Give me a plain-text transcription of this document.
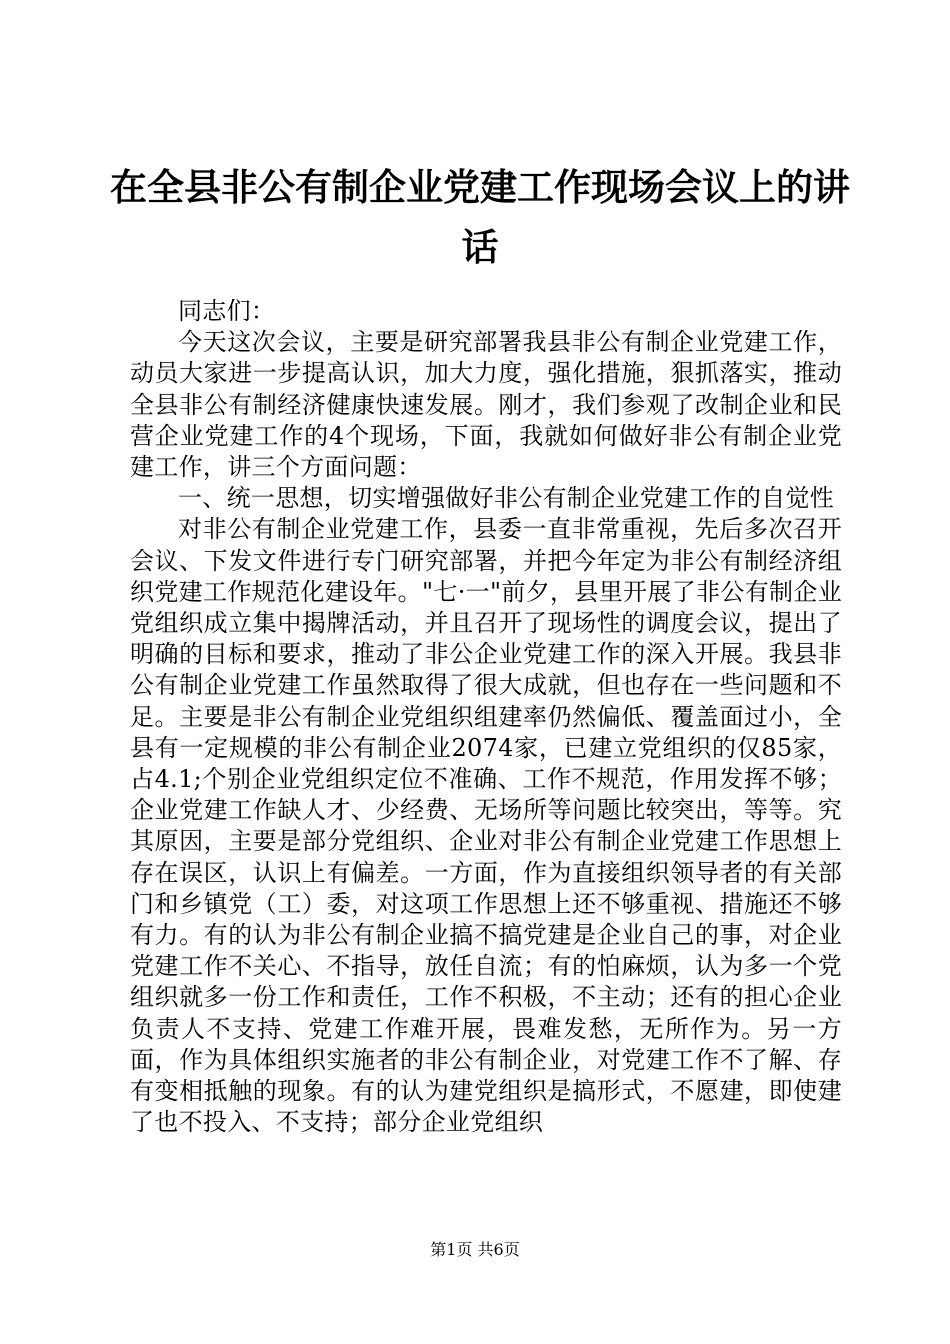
在全县非公有制企业党建工作现场会议上的讲话

同志们：

今天这次会议，主要是研究部署我县非公有制企业党建工作，动员大家进一步提高认识，加大力度，强化措施，狠抓落实，推动全县非公有制经济健康快速发展。刚才，我们参观了改制企业和民营企业党建工作的4个现场，下面，我就如何做好非公有制企业党建工作，讲三个方面问题：

一、统一思想，切实增强做好非公有制企业党建工作的自觉性

对非公有制企业党建工作，县委一直非常重视，先后多次召开会议、下发文件进行专门研究部署，并把今年定为非公有制经济组织党建工作规范化建设年。"七·一"前夕，县里开展了非公有制企业党组织成立集中揭牌活动，并且召开了现场性的调度会议，提出了明确的目标和要求，推动了非公企业党建工作的深入开展。我县非公有制企业党建工作虽然取得了很大成就，但也存在一些问题和不足。主要是非公有制企业党组织组建率仍然偏低、覆盖面过小，全县有一定规模的非公有制企业2074家，已建立党组织的仅85家，占4.1;个别企业党组织定位不准确、工作不规范，作用发挥不够；企业党建工作缺人才、少经费、无场所等问题比较突出，等等。究其原因，主要是部分党组织、企业对非公有制企业党建工作思想上存在误区，认识上有偏差。一方面，作为直接组织领导者的有关部门和乡镇党（工）委，对这项工作思想上还不够重视、措施还不够有力。有的认为非公有制企业搞不搞党建是企业自己的事，对企业党建工作不关心、不指导，放任自流；有的怕麻烦，认为多一个党组织就多一份工作和责任，工作不积极，不主动；还有的担心企业负责人不支持、党建工作难开展，畏难发愁，无所作为。另一方面，作为具体组织实施者的非公有制企业，对党建工作不了解、存有变相抵触的现象。有的认为建党组织是搞形式，不愿建，即使建了也不投入、不支持；部分企业党组织

第1页 共6页
